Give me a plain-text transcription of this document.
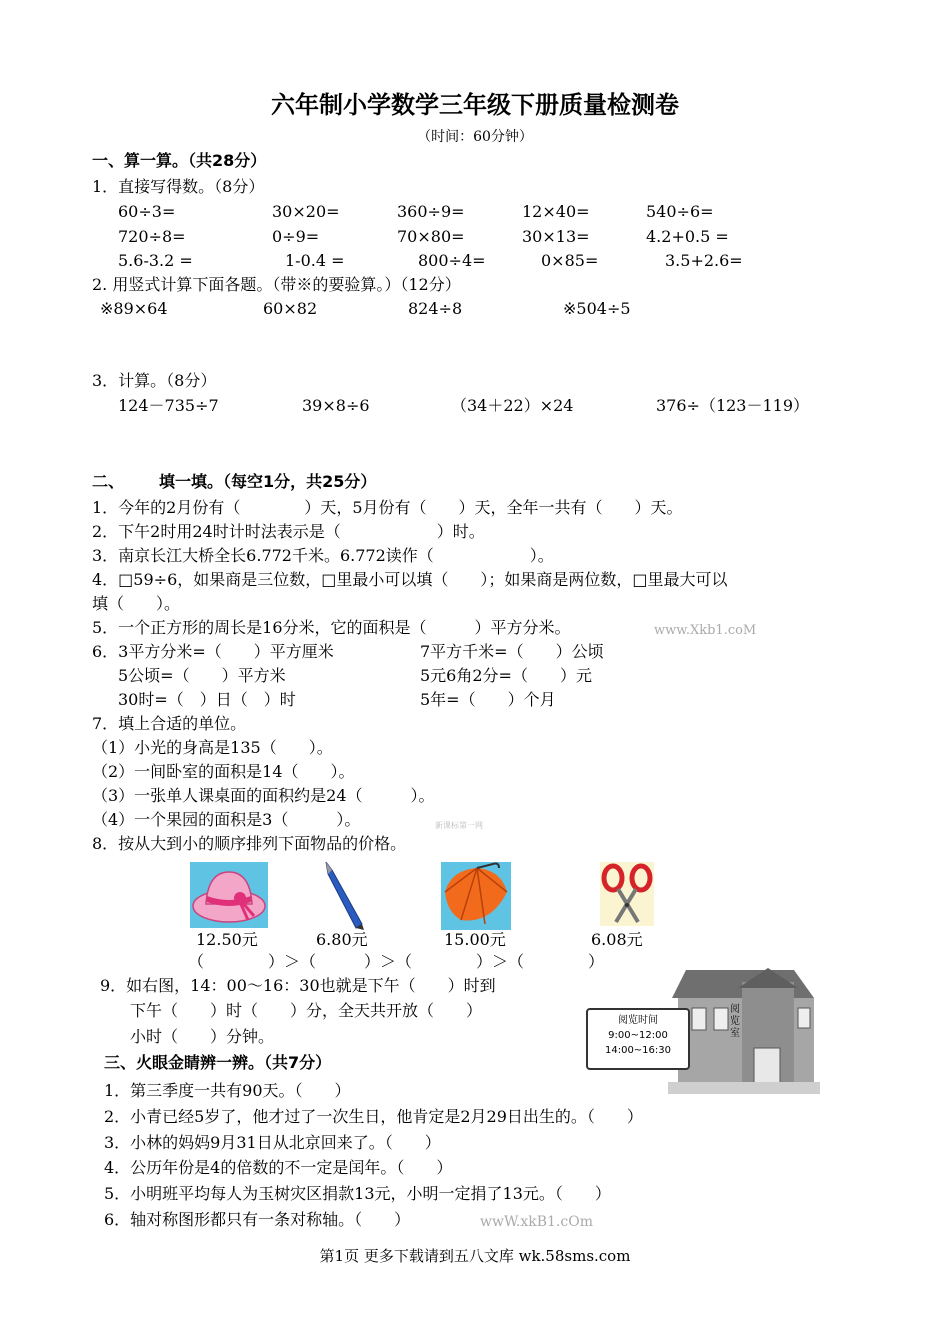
六年制小学数学三年级下册质量检测卷
（时间：60分钟）
一、算一算。（共28分）
1．直接写得数。（8分）
60÷3=	30×20=	360÷9=	12×40=	540÷6=
720÷8=	0÷9=	70×80=	30×13=	4.2+0.5 =
5.6-3.2 =	1-0.4 =	800÷4=	0×85=	3.5+2.6=
2. 用竖式计算下面各题。（带※的要验算。）（12分）
※89×64	60×82	824÷8	※504÷5
3．计算。（8分）
124－735÷7	39×8÷6	（34＋22）×24	376÷（123－119）
二、 填一填。（每空1分，共25分）
1．今年的2月份有（　　　　）天，5月份有（　　）天，全年一共有（　　）天。
2．下午2时用24时计时法表示是（　　　　　　）时。
3．南京长江大桥全长6.772千米。6.772读作（　　　　　　）。
4．□59÷6，如果商是三位数，□里最小可以填（　　）；如果商是两位数，□里最大可以
填（　　）。
5．一个正方形的周长是16分米，它的面积是（　　　）平方分米。	www.Xkb1.coM
6．3平方分米=（　　）平方厘米	7平方千米=（　　）公顷
5公顷=（　　）平方米	5元6角2分=（　　）元
30时=（　）日（　）时	5年=（　　）个月
7．填上合适的单位。
（1）小光的身高是135（　　）。
（2）一间卧室的面积是14（　　）。
（3）一张单人课桌面的面积约是24（　　　）。
（4）一个果园的面积是3（　　　）。	新课标第一网
8．按从大到小的顺序排列下面物品的价格。
12.50元	6.80元	15.00元	6.08元
（　　　　）＞（　　　）＞（　　　　）＞（　　　　）
9．如右图，14：00～16：30也就是下午（　　）时到
下午（　　）时（　　）分，全天共开放（　　）
小时（　　）分钟。
阅览室
阅览时间
9:00~12:00
14:00~16:30
三、火眼金睛辨一辨。（共7分）
1．第三季度一共有90天。（　　）
2．小青已经5岁了，他才过了一次生日，他肯定是2月29日出生的。（　　）
3．小林的妈妈9月31日从北京回来了。（　　）
4．公历年份是4的倍数的不一定是闰年。（　　）
5．小明班平均每人为玉树灾区捐款13元，小明一定捐了13元。（　　）
6．轴对称图形都只有一条对称轴。（　　）	wwW.xkB1.cOm
第1页 更多下载请到五八文库 wk.58sms.com
